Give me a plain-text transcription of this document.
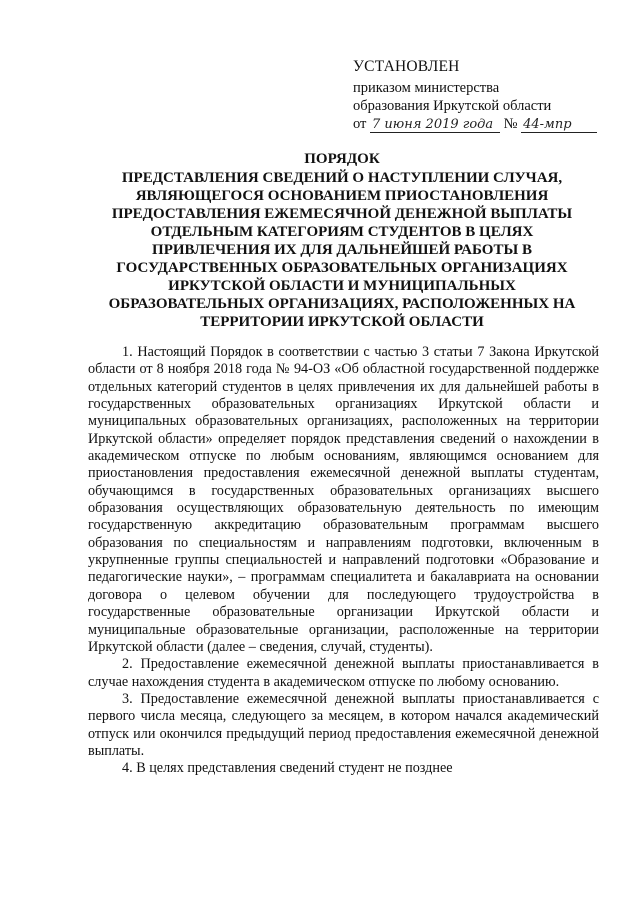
УСТАНОВЛЕН
приказом министерства
образования Иркутской области
от 7 июня 2019 года № 44-мпр
ПОРЯДОК
ПРЕДСТАВЛЕНИЯ СВЕДЕНИЙ О НАСТУПЛЕНИИ СЛУЧАЯ, ЯВЛЯЮЩЕГОСЯ ОСНОВАНИЕМ ПРИОСТАНОВЛЕНИЯ ПРЕДОСТАВЛЕНИЯ ЕЖЕМЕСЯЧНОЙ ДЕНЕЖНОЙ ВЫПЛАТЫ ОТДЕЛЬНЫМ КАТЕГОРИЯМ СТУДЕНТОВ В ЦЕЛЯХ ПРИВЛЕЧЕНИЯ ИХ ДЛЯ ДАЛЬНЕЙШЕЙ РАБОТЫ В ГОСУДАРСТВЕННЫХ ОБРАЗОВАТЕЛЬНЫХ ОРГАНИЗАЦИЯХ ИРКУТСКОЙ ОБЛАСТИ И МУНИЦИПАЛЬНЫХ ОБРАЗОВАТЕЛЬНЫХ ОРГАНИЗАЦИЯХ, РАСПОЛОЖЕННЫХ НА ТЕРРИТОРИИ ИРКУТСКОЙ ОБЛАСТИ

1. Настоящий Порядок в соответствии с частью 3 статьи 7 Закона Иркутской области от 8 ноября 2018 года № 94-ОЗ «Об областной государственной поддержке отдельных категорий студентов в целях привлечения их для дальнейшей работы в государственных образовательных организациях Иркутской области и муниципальных образовательных организациях, расположенных на территории Иркутской области» определяет порядок представления сведений о нахождении в академическом отпуске по любым основаниям, являющимся основанием для приостановления предоставления ежемесячной денежной выплаты студентам, обучающимся в государственных образовательных организациях высшего образования осуществляющих образовательную деятельность по имеющим государственную аккредитацию образовательным программам высшего образования по специальностям и направлениям подготовки, включенным в укрупненные группы специальностей и направлений подготовки «Образование и педагогические науки», – программам специалитета и бакалавриата на основании договора о целевом обучении для последующего трудоустройства в государственные образовательные организации Иркутской области и муниципальные образовательные организации, расположенные на территории Иркутской области (далее – сведения, случай, студенты).

2. Предоставление ежемесячной денежной выплаты приостанавливается в случае нахождения студента в академическом отпуске по любому основанию.

3. Предоставление ежемесячной денежной выплаты приостанавливается с первого числа месяца, следующего за месяцем, в котором начался академический отпуск или окончился предыдущий период предоставления ежемесячной денежной выплаты.

4. В целях представления сведений студент не позднее
